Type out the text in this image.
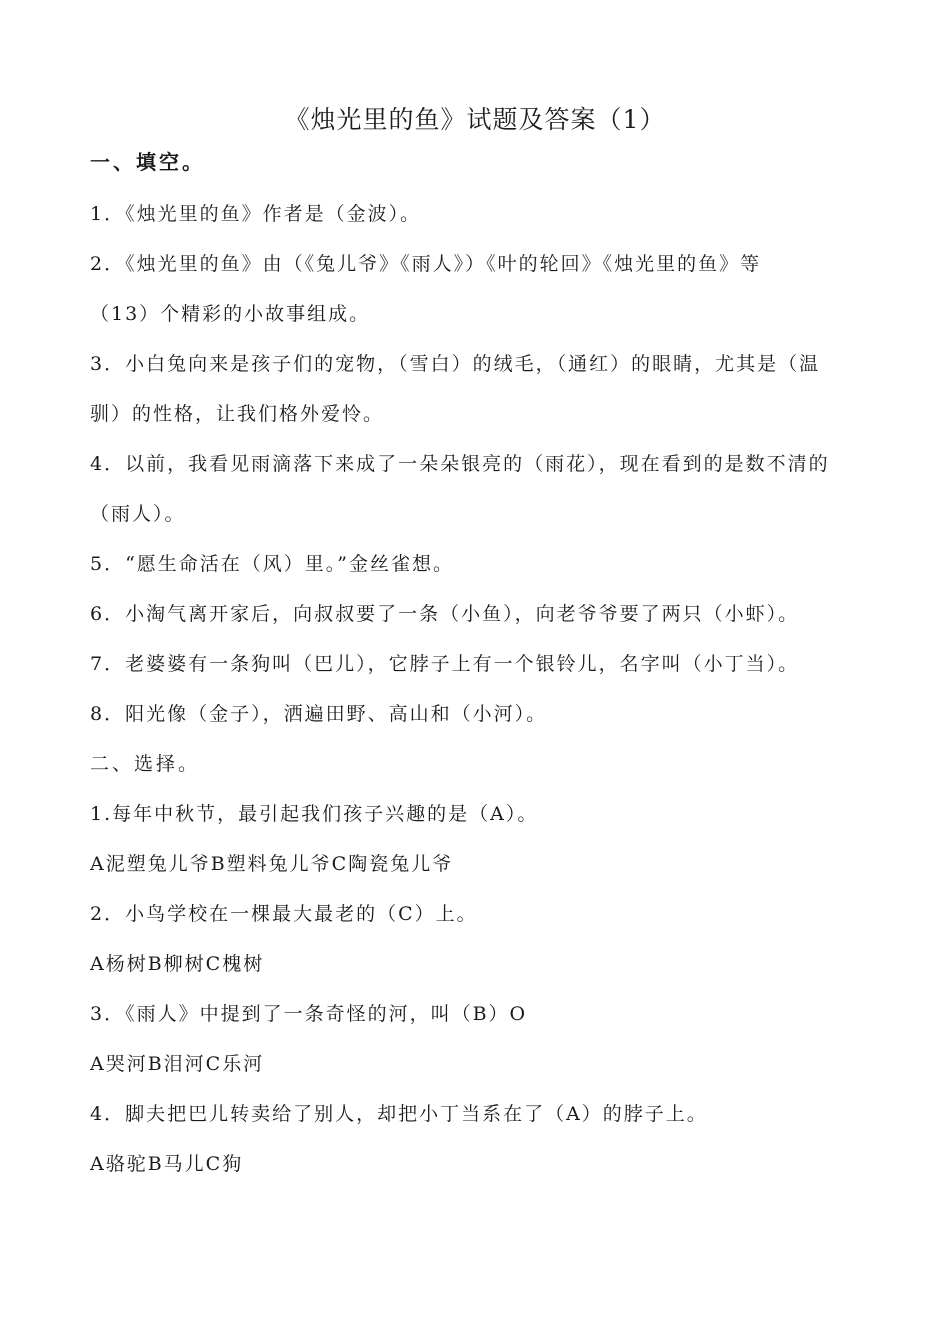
《烛光里的鱼》试题及答案（1）
一、填空。
1．《烛光里的鱼》作者是（金波）。
2．《烛光里的鱼》由（《兔儿爷》《雨人》）《叶的轮回》《烛光里的鱼》等
（13）个精彩的小故事组成。
3．小白兔向来是孩子们的宠物，（雪白）的绒毛，（通红）的眼睛，尤其是（温
驯）的性格，让我们格外爱怜。
4．以前，我看见雨滴落下来成了一朵朵银亮的（雨花），现在看到的是数不清的
（雨人）。
5．“愿生命活在（风）里。”金丝雀想。
6．小淘气离开家后，向叔叔要了一条（小鱼），向老爷爷要了两只（小虾）。
7．老婆婆有一条狗叫（巴儿），它脖子上有一个银铃儿，名字叫（小丁当）。
8．阳光像（金子），洒遍田野、高山和（小河）。
二、选择。
1.每年中秋节，最引起我们孩子兴趣的是（A）。
A泥塑兔儿爷B塑料兔儿爷C陶瓷兔儿爷
2．小鸟学校在一棵最大最老的（C）上。
A杨树B柳树C槐树
3．《雨人》中提到了一条奇怪的河，叫（B）O
A哭河B泪河C乐河
4．脚夫把巴儿转卖给了别人，却把小丁当系在了（A）的脖子上。
A骆驼B马儿C狗
